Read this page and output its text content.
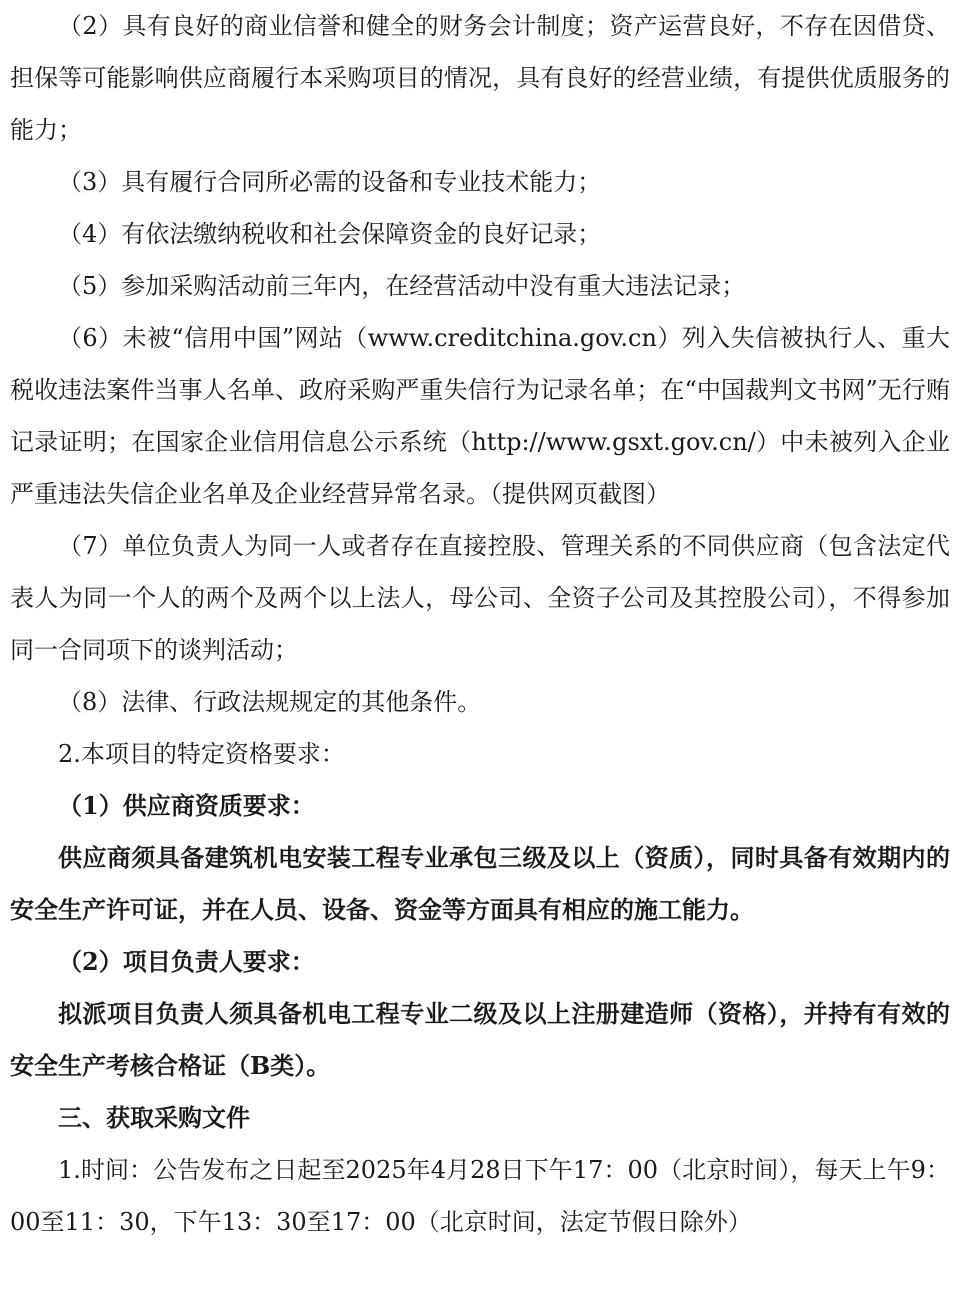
（2）具有良好的商业信誉和健全的财务会计制度；资产运营良好，不存在因借贷、担保等可能影响供应商履行本采购项目的情况，具有良好的经营业绩，有提供优质服务的能力；

（3）具有履行合同所必需的设备和专业技术能力；

（4）有依法缴纳税收和社会保障资金的良好记录；

（5）参加采购活动前三年内，在经营活动中没有重大违法记录；

（6）未被“信用中国”网站（www.creditchina.gov.cn）列入失信被执行人、重大税收违法案件当事人名单、政府采购严重失信行为记录名单；在“中国裁判文书网”无行贿记录证明；在国家企业信用信息公示系统（http://www.gsxt.gov.cn/）中未被列入企业严重违法失信企业名单及企业经营异常名录。（提供网页截图）

（7）单位负责人为同一人或者存在直接控股、管理关系的不同供应商（包含法定代表人为同一个人的两个及两个以上法人，母公司、全资子公司及其控股公司），不得参加同一合同项下的谈判活动；

（8）法律、行政法规规定的其他条件。

2.本项目的特定资格要求：

（1）供应商资质要求：

供应商须具备建筑机电安装工程专业承包三级及以上（资质），同时具备有效期内的安全生产许可证，并在人员、设备、资金等方面具有相应的施工能力。

（2）项目负责人要求：

拟派项目负责人须具备机电工程专业二级及以上注册建造师（资格），并持有有效的安全生产考核合格证（B类）。

三、获取采购文件

1.时间：公告发布之日起至2025年4月28日下午17：00（北京时间），每天上午9：00至11：30，下午13：30至17：00（北京时间，法定节假日除外）
